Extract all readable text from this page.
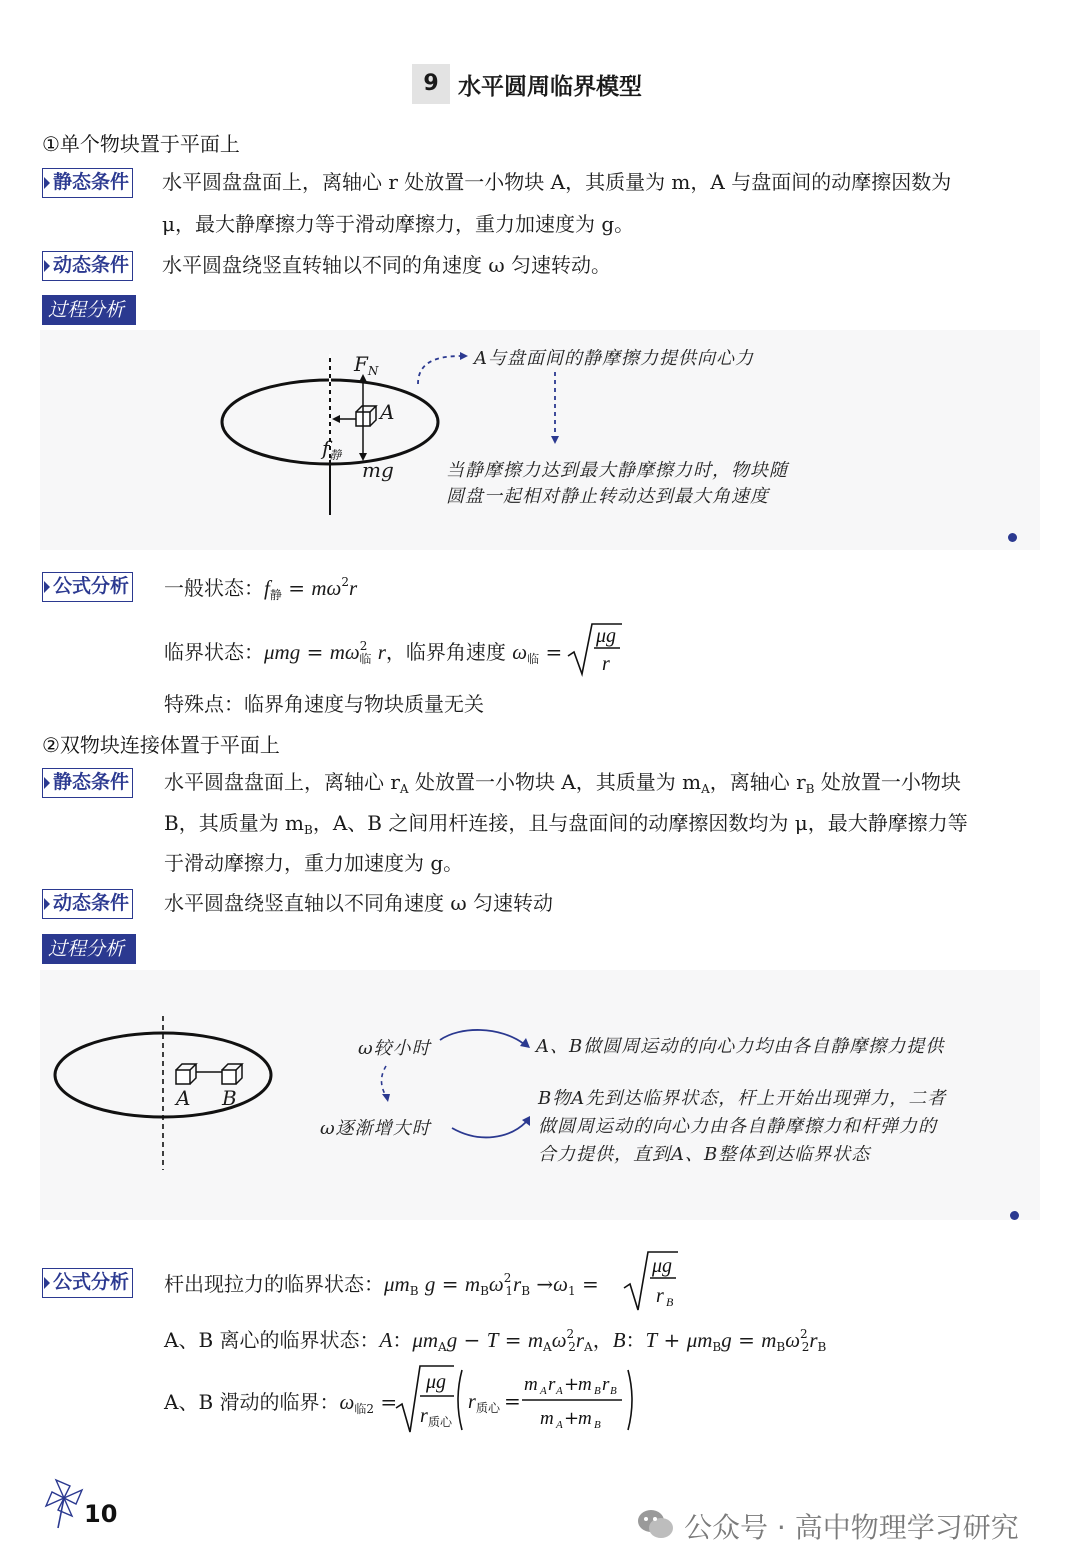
9 水平圆周临界模型
①单个物块置于平面上
静态条件 水平圆盘盘面上，离轴心 r 处放置一小物块 A，其质量为 m，A 与盘面间的动摩擦因数为
μ，最大静摩擦力等于滑动摩擦力，重力加速度为 g。
动态条件 水平圆盘绕竖直转轴以不同的角速度 ω 匀速转动。
过程分析
$F_N$
A
$f_静$
mg
A与盘面间的静摩擦力提供向心力
当静摩擦力达到最大静摩擦力时，物块随
圆盘一起相对静止转动达到最大角速度
公式分析 一般状态：$f_静 = m\omega^2r$
临界状态：$\mu mg = m\omega^2_临$ r，临界角速度 $\omega_临$ =
μg
r
特殊点：临界角速度与物块质量无关
②双物块连接体置于平面上
静态条件 水平圆盘盘面上，离轴心 $r_A$ 处放置一小物块 A，其质量为 $m_A$，离轴心 $r_B$ 处放置一小物块
B，其质量为 $m_B$，A、B 之间用杆连接，且与盘面间的动摩擦因数均为 μ，最大静摩擦力等
于滑动摩擦力，重力加速度为 g。
动态条件 水平圆盘绕竖直轴以不同角速度 ω 匀速转动
过程分析
A B
ω较小时	A、B做圆周运动的向心力均由各自静摩擦力提供
ω逐渐增大时
B物A先到达临界状态，杆上开始出现弹力，二者
做圆周运动的向心力由各自静摩擦力和杆弹力的
合力提供，直到A、B整体到达临界状态
公式分析 杆出现拉力的临界状态：$\mu m_B$ $g = m_B\omega^2_1r_B \to\omega_1$ =
μg
r B
A、B 离心的临界状态：A：$\mu m_Ag - T = m_A\omega^2_2r_A$，B：$T + \mu m_Bg = m_B\omega^2_2r_B$
A、B 滑动的临界：$\omega_{临2}$ =
μg
r 质心
r 质心 =
m A r A +
m B r B
m A +
m B
10	公众号 · 高中物理学习研究
